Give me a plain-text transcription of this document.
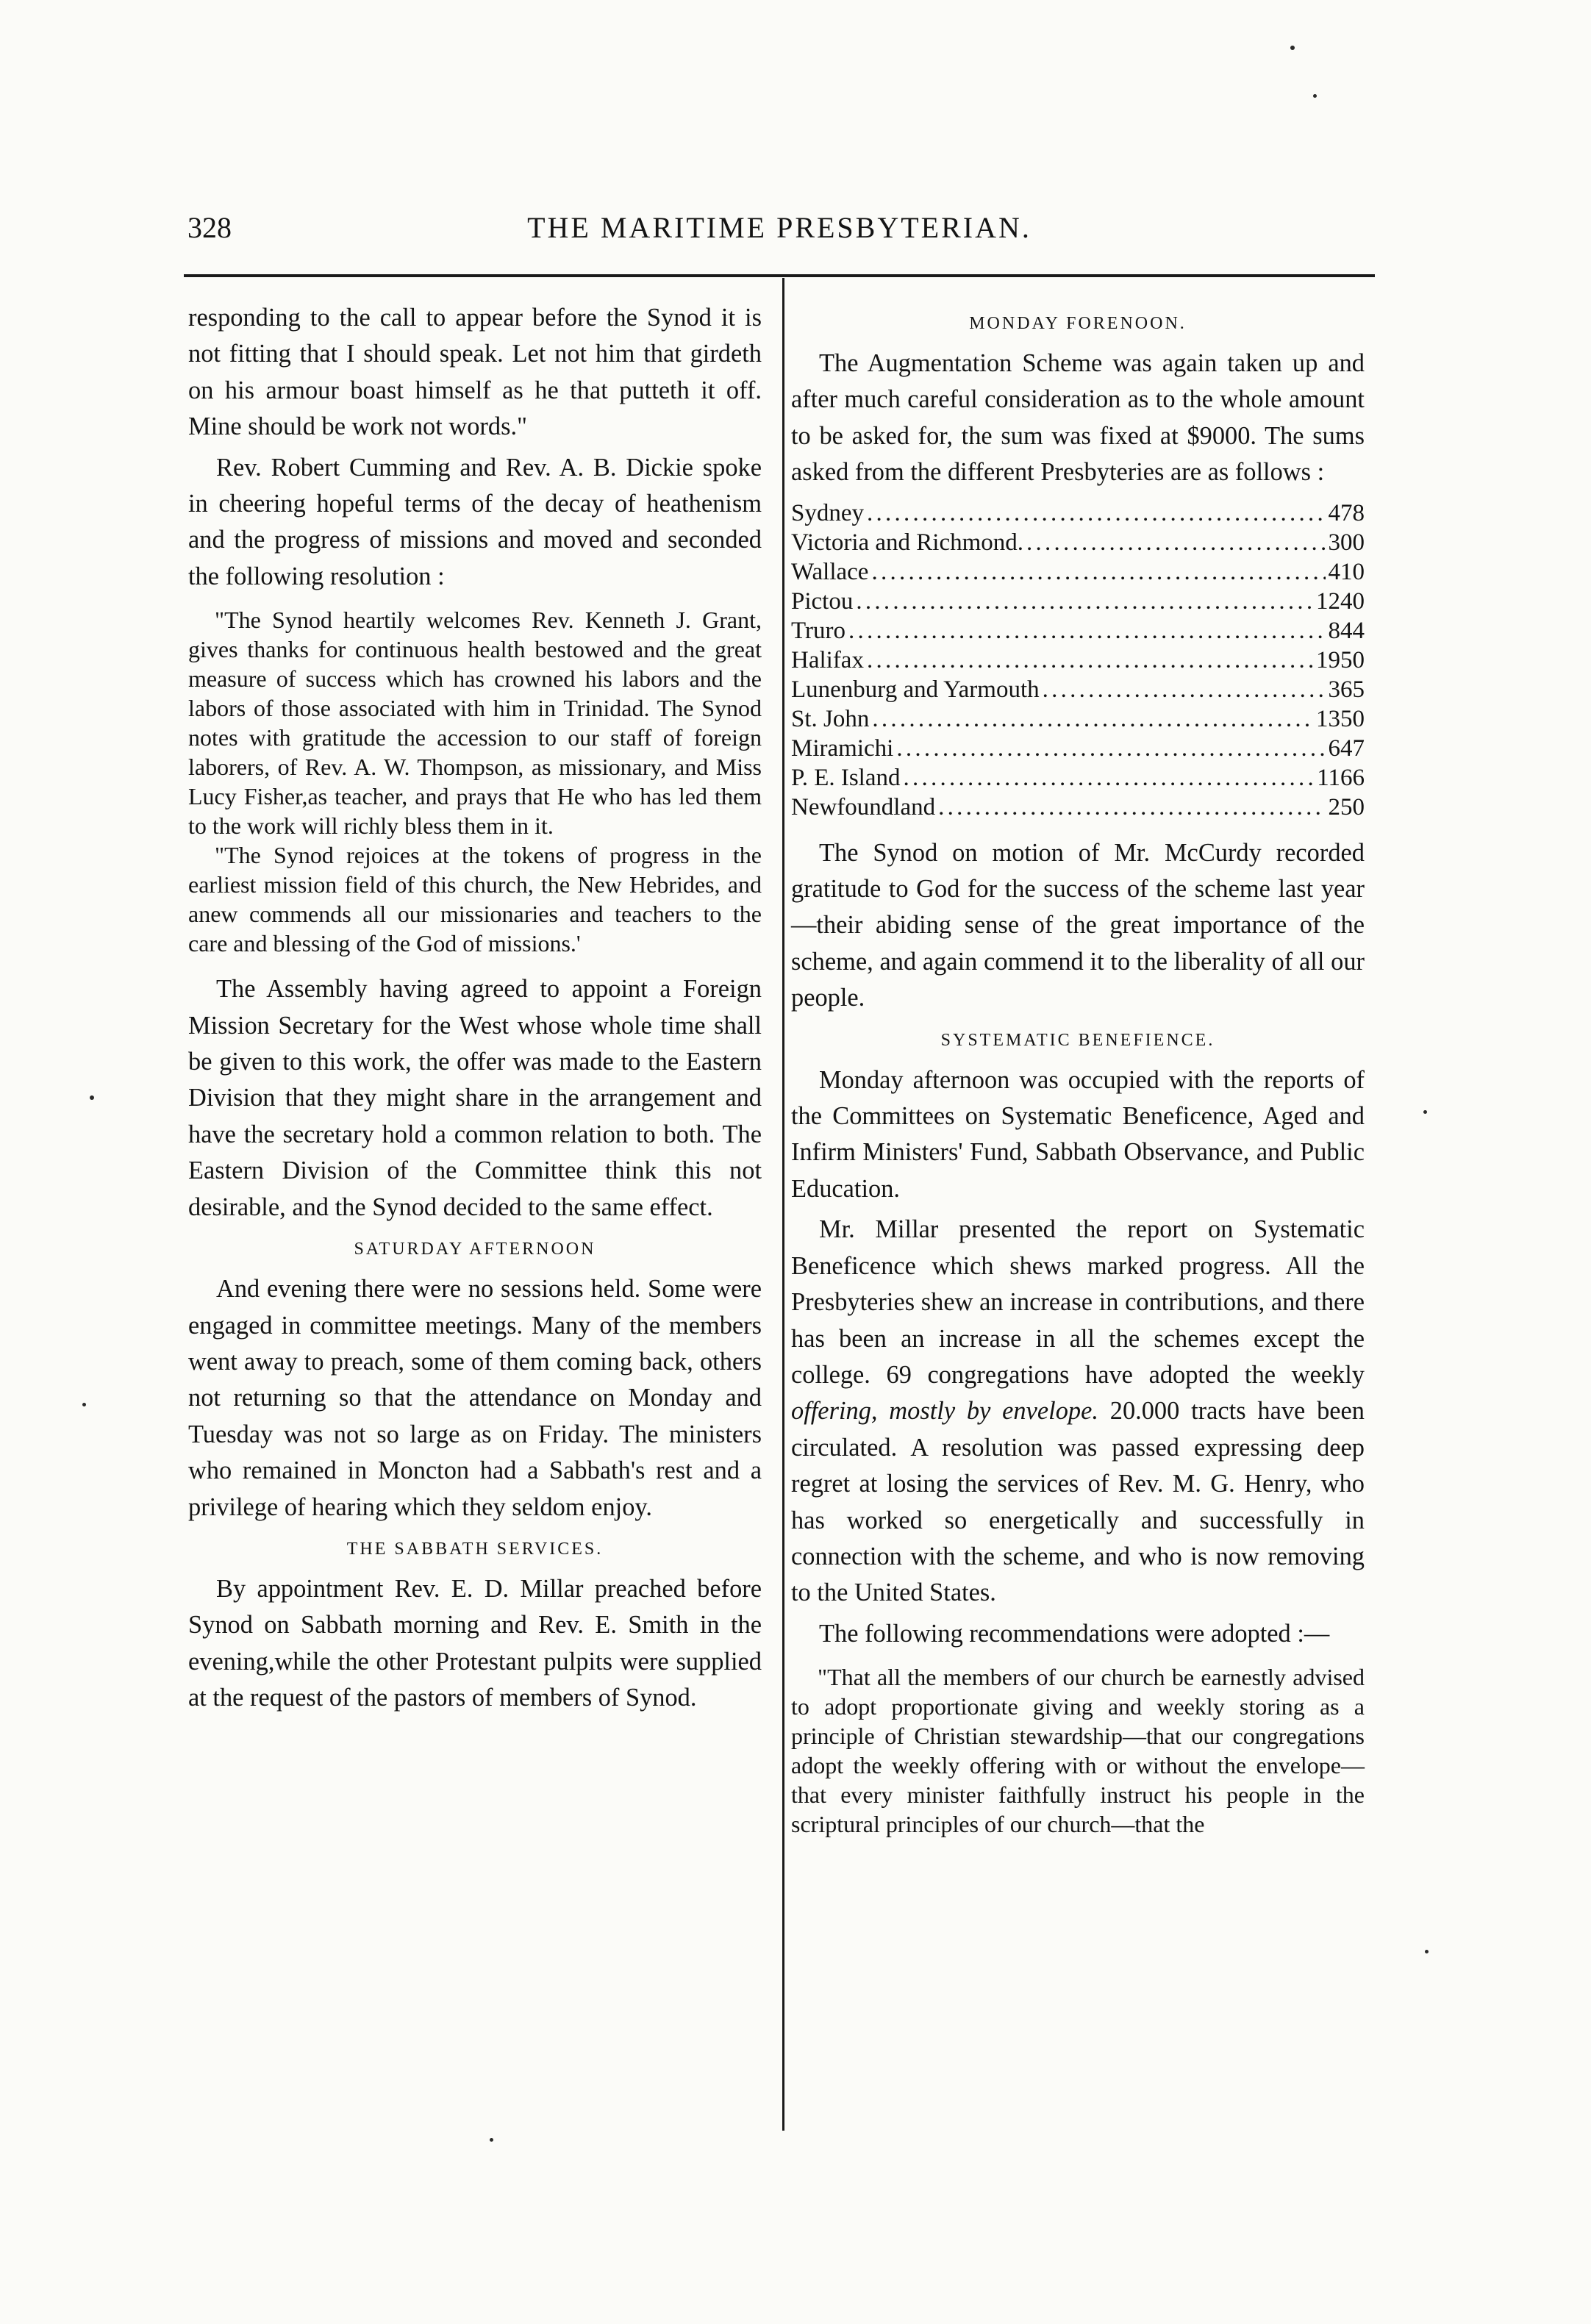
328	THE MARITIME PRESBYTERIAN.

responding to the call to appear before the Synod it is not fitting that I should speak. Let not him that girdeth on his armour boast himself as he that putteth it off. Mine should be work not words."

Rev. Robert Cumming and Rev. A. B. Dickie spoke in cheering hopeful terms of the decay of heathenism and the progress of missions and moved and seconded the following resolution :

"The Synod heartily welcomes Rev. Kenneth J. Grant, gives thanks for continuous health bestowed and the great measure of success which has crowned his labors and the labors of those associated with him in Trinidad. The Synod notes with gratitude the accession to our staff of foreign laborers, of Rev. A. W. Thompson, as missionary, and Miss Lucy Fisher,as teacher, and prays that He who has led them to the work will richly bless them in it.

"The Synod rejoices at the tokens of progress in the earliest mission field of this church, the New Hebrides, and anew commends all our missionaries and teachers to the care and blessing of the God of missions.'

The Assembly having agreed to appoint a Foreign Mission Secretary for the West whose whole time shall be given to this work, the offer was made to the Eastern Division that they might share in the arrangement and have the secretary hold a common relation to both. The Eastern Division of the Committee think this not desirable, and the Synod decided to the same effect.

SATURDAY AFTERNOON

And evening there were no sessions held. Some were engaged in committee meetings. Many of the members went away to preach, some of them coming back, others not returning so that the attendance on Monday and Tuesday was not so large as on Friday. The ministers who remained in Moncton had a Sabbath's rest and a privilege of hearing which they seldom enjoy.

THE SABBATH SERVICES.

By appointment Rev. E. D. Millar preached before Synod on Sabbath morning and Rev. E. Smith in the evening,while the other Protestant pulpits were supplied at the request of the pastors of members of Synod.

MONDAY FORENOON.

The Augmentation Scheme was again taken up and after much careful consideration as to the whole amount to be asked for, the sum was fixed at $9000. The sums asked from the different Presbyteries are as follows :

Sydney . . .	478
Victoria and Richmond. . . .	300
Wallace . . .	410
Pictou . . .	1240
Truro . . .	844
Halifax . . .	1950
Lunenburg and Yarmouth . . .	365
St. John . . .	1350
Miramichi . . .	647
P. E. Island . . .	1166
Newfoundland . . .	250

The Synod on motion of Mr. McCurdy recorded gratitude to God for the success of the scheme last year—their abiding sense of the great importance of the scheme, and again commend it to the liberality of all our people.

SYSTEMATIC BENEFIENCE.

Monday afternoon was occupied with the reports of the Committees on Systematic Beneficence, Aged and Infirm Ministers' Fund, Sabbath Observance, and Public Education.

Mr. Millar presented the report on Systematic Beneficence which shews marked progress. All the Presbyteries shew an increase in contributions, and there has been an increase in all the schemes except the college. 69 congregations have adopted the weekly offering, mostly by envelope. 20.000 tracts have been circulated. A resolution was passed expressing deep regret at losing the services of Rev. M. G. Henry, who has worked so energetically and successfully in connection with the scheme, and who is now removing to the United States.

The following recommendations were adopted :—

"That all the members of our church be earnestly advised to adopt proportionate giving and weekly storing as a principle of Christian stewardship—that our congregations adopt the weekly offering with or without the envelope—that every minister faithfully instruct his people in the scriptural principles of our church—that the
